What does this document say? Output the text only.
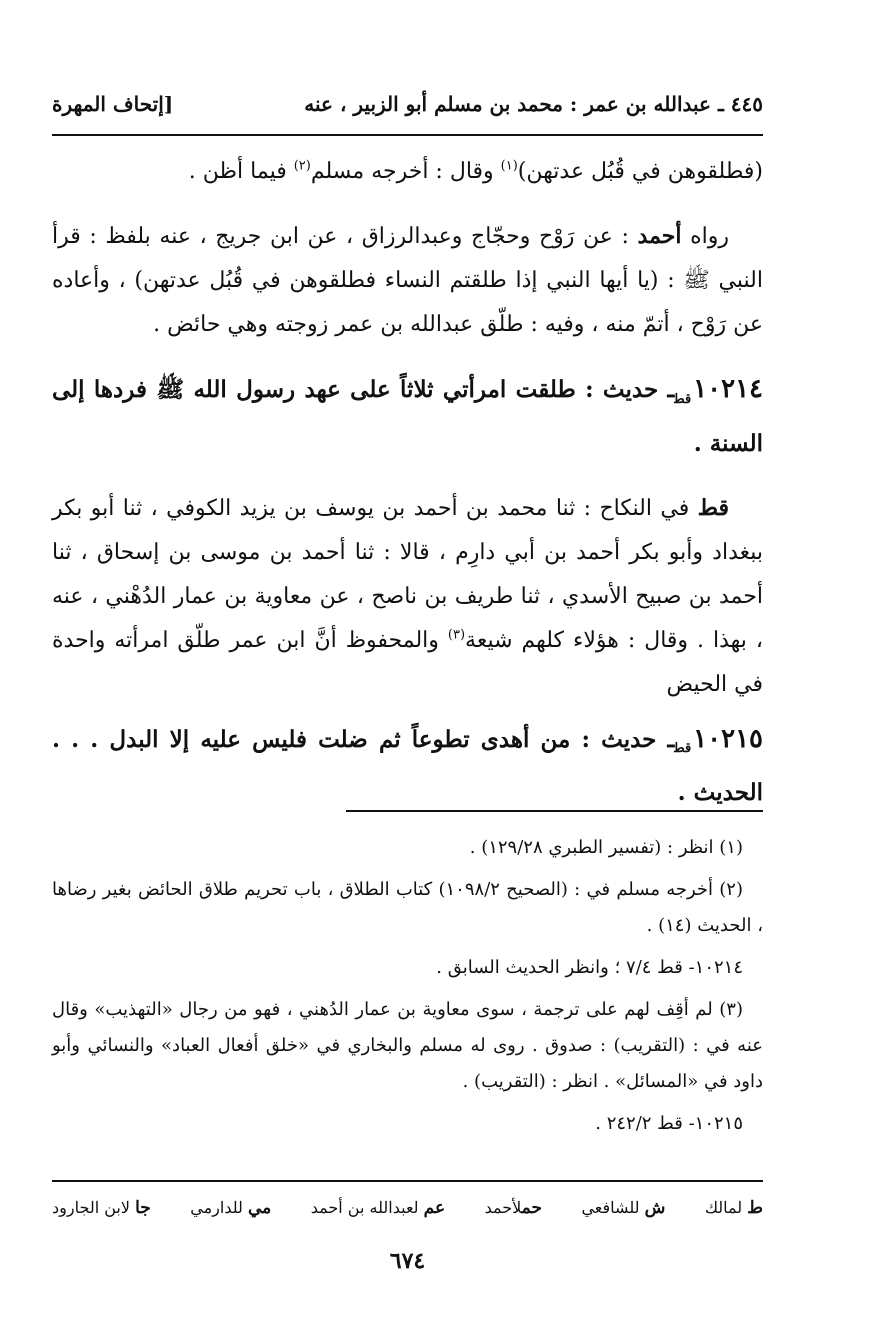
٤٤٥ ـ عبدالله بن عمر : محمد بن مسلم أبو الزبير ، عنه
[إتحاف المهرة

(فطلقوهن في قُبُل عدتهن)$^{(١)}$ وقال : أخرجه مسلم$^{(٢)}$ فيما أظن .

رواه أحمد : عن رَوْح وحجّاج وعبدالرزاق ، عن ابن جريج ، عنه بلفظ : قرأ النبي ﷺ : (يا أيها النبي إذا طلقتم النساء فطلقوهن في قُبُل عدتهن) ، وأعاده عن رَوْح ، أتمّ منه ، وفيه : طلّق عبدالله بن عمر زوجته وهي حائض .

$١٠٢١٤_{قط}ـ$ حديث : طلقت امرأتي ثلاثاً على عهد رسول الله ﷺ فردها إلى السنة .

قط في النكاح : ثنا محمد بن أحمد بن يوسف بن يزيد الكوفي ، ثنا أبو بكر ببغداد وأبو بكر أحمد بن أبي دارِم ، قالا : ثنا أحمد بن موسى بن إسحاق ، ثنا أحمد بن صبيح الأسدي ، ثنا طريف بن ناصح ، عن معاوية بن عمار الدُهْني ، عنه ، بهذا . وقال : هؤلاء كلهم شيعة$^{(٣)}$ والمحفوظ أنَّ ابن عمر طلّق امرأته واحدة في الحيض

$١٠٢١٥_{قط}ـ$ حديث : من أهدى تطوعاً ثم ضلت فليس عليه إلا البدل . . . الحديث .

(١) انظر : (تفسير الطبري ١٢٩/٢٨) .

(٢) أخرجه مسلم في : (الصحيح ١٠٩٨/٢) كتاب الطلاق ، باب تحريم طلاق الحائض بغير رضاها ، الحديث (١٤) .

١٠٢١٤- قط ٧/٤ ؛ وانظر الحديث السابق .

(٣) لم أقِف لهم على ترجمة ، سوى معاوية بن عمار الدُهني ، فهو من رجال «التهذيب» وقال عنه في : (التقريب) : صدوق . روى له مسلم والبخاري في «خلق أفعال العباد» والنسائي وأبو داود في «المسائل» . انظر : (التقريب) .

١٠٢١٥- قط ٢٤٢/٢ .

ط لمالك
ش للشافعي
حملأحمد
عم لعبدالله بن أحمد
مي للدارمي
جا لابن الجارود
٦٧٤
